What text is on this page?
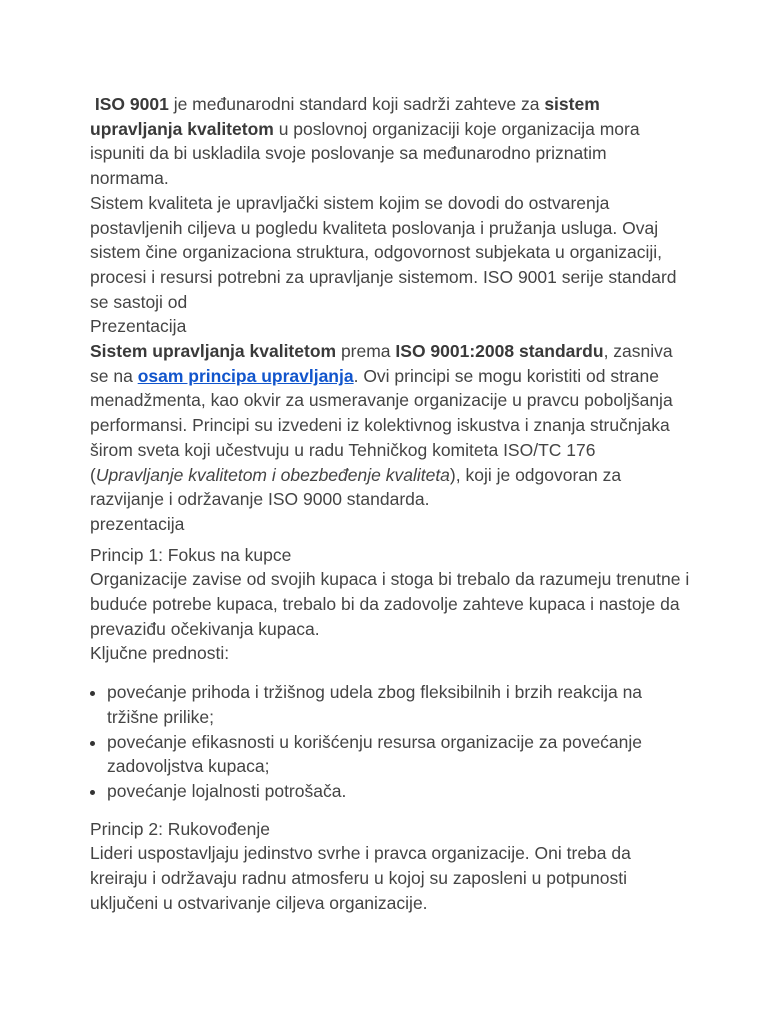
ISO 9001 je međunarodni standard koji sadrži zahteve za sistem upravljanja kvalitetom u poslovnoj organizaciji koje organizacija mora ispuniti da bi uskladila svoje poslovanje sa međunarodno priznatim normama.

Sistem kvaliteta je upravljački sistem kojim se dovodi do ostvarenja postavljenih ciljeva u pogledu kvaliteta poslovanja i pružanja usluga. Ovaj sistem čine organizaciona struktura, odgovornost subjekata u organizaciji, procesi i resursi potrebni za upravljanje sistemom. ISO 9001 serije standard se sastoji od

Prezentacija

Sistem upravljanja kvalitetom prema ISO 9001:2008 standardu, zasniva se na osam principa upravljanja. Ovi principi se mogu koristiti od strane menadžmenta, kao okvir za usmeravanje organizacije u pravcu poboljšanja performansi. Principi su izvedeni iz kolektivnog iskustva i znanja stručnjaka širom sveta koji učestvuju u radu Tehničkog komiteta ISO/TC 176 (Upravljanje kvalitetom i obezbeđenje kvaliteta), koji je odgovoran za razvijanje i održavanje ISO 9000 standarda.

prezentacija

Princip 1: Fokus na kupce

Organizacije zavise od svojih kupaca i stoga bi trebalo da razumeju trenutne i buduće potrebe kupaca, trebalo bi da zadovolje zahteve kupaca i nastoje da prevaziđu očekivanja kupaca.

Ključne prednosti:

• povećanje prihoda i tržišnog udela zbog fleksibilnih i brzih reakcija na tržišne prilike;
• povećanje efikasnosti u korišćenju resursa organizacije za povećanje zadovoljstva kupaca;
• povećanje lojalnosti potrošača.

Princip 2: Rukovođenje

Lideri uspostavljaju jedinstvo svrhe i pravca organizacije. Oni treba da kreiraju i održavaju radnu atmosferu u kojoj su zaposleni u potpunosti uključeni u ostvarivanje ciljeva organizacije.
